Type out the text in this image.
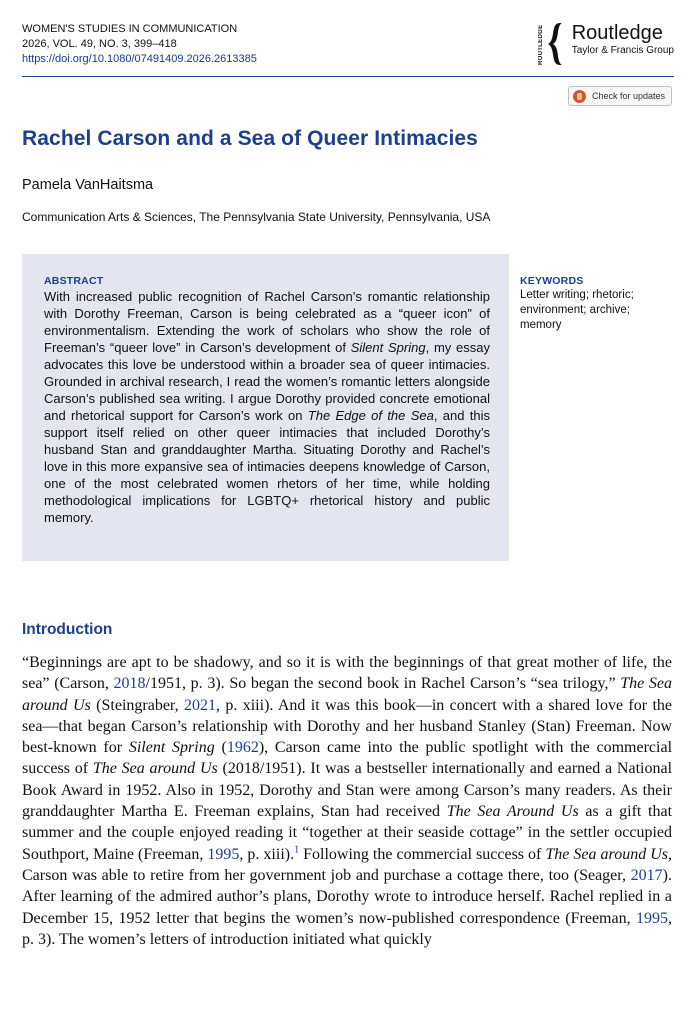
WOMEN'S STUDIES IN COMMUNICATION
2026, VOL. 49, NO. 3, 399–418
https://doi.org/10.1080/07491409.2026.2613385	ROUTLEDGE Routledge
Taylor & Francis Group
Check for updates
Rachel Carson and a Sea of Queer Intimacies
Pamela VanHaitsma
Communication Arts & Sciences, The Pennsylvania State University, Pennsylvania, USA
ABSTRACT
With increased public recognition of Rachel Carson’s romantic relationship with Dorothy Freeman, Carson is being celebrated as a “queer icon” of environmentalism. Extending the work of scholars who show the role of Freeman’s “queer love” in Carson’s development of Silent Spring, my essay advocates this love be understood within a broader sea of queer intimacies. Grounded in archival research, I read the women’s romantic letters alongside Carson’s published sea writing. I argue Dorothy provided concrete emotional and rhetorical support for Carson’s work on The Edge of the Sea, and this support itself relied on other queer intimacies that included Dorothy’s husband Stan and granddaughter Martha. Situating Dorothy and Rachel’s love in this more expansive sea of intimacies deepens knowledge of Carson, one of the most celebrated women rhetors of her time, while holding methodological implications for LGBTQ+ rhetorical history and public memory.
KEYWORDS
Letter writing; rhetoric; environment; archive; memory
Introduction
“Beginnings are apt to be shadowy, and so it is with the beginnings of that great mother of life, the sea” (Carson, 2018/1951, p. 3). So began the second book in Rachel Carson’s “sea trilogy,” The Sea around Us (Steingraber, 2021, p. xiii). And it was this book—in concert with a shared love for the sea—that began Carson’s relationship with Dorothy and her husband Stanley (Stan) Freeman. Now best-known for Silent Spring (1962), Carson came into the public spotlight with the commercial success of The Sea around Us (2018/1951). It was a bestseller internationally and earned a National Book Award in 1952. Also in 1952, Dorothy and Stan were among Carson’s many readers. As their granddaughter Martha E. Freeman explains, Stan had received The Sea Around Us as a gift that summer and the couple enjoyed reading it “together at their seaside cottage” in the settler occupied Southport, Maine (Freeman, 1995, p. xiii).$^1$ Following the commercial success of The Sea around Us, Carson was able to retire from her government job and purchase a cottage there, too (Seager, 2017). After learning of the admired author’s plans, Dorothy wrote to introduce herself. Rachel replied in a December 15, 1952 letter that begins the women’s now-published correspondence (Freeman, 1995, p. 3). The women’s letters of introduction initiated what quickly
